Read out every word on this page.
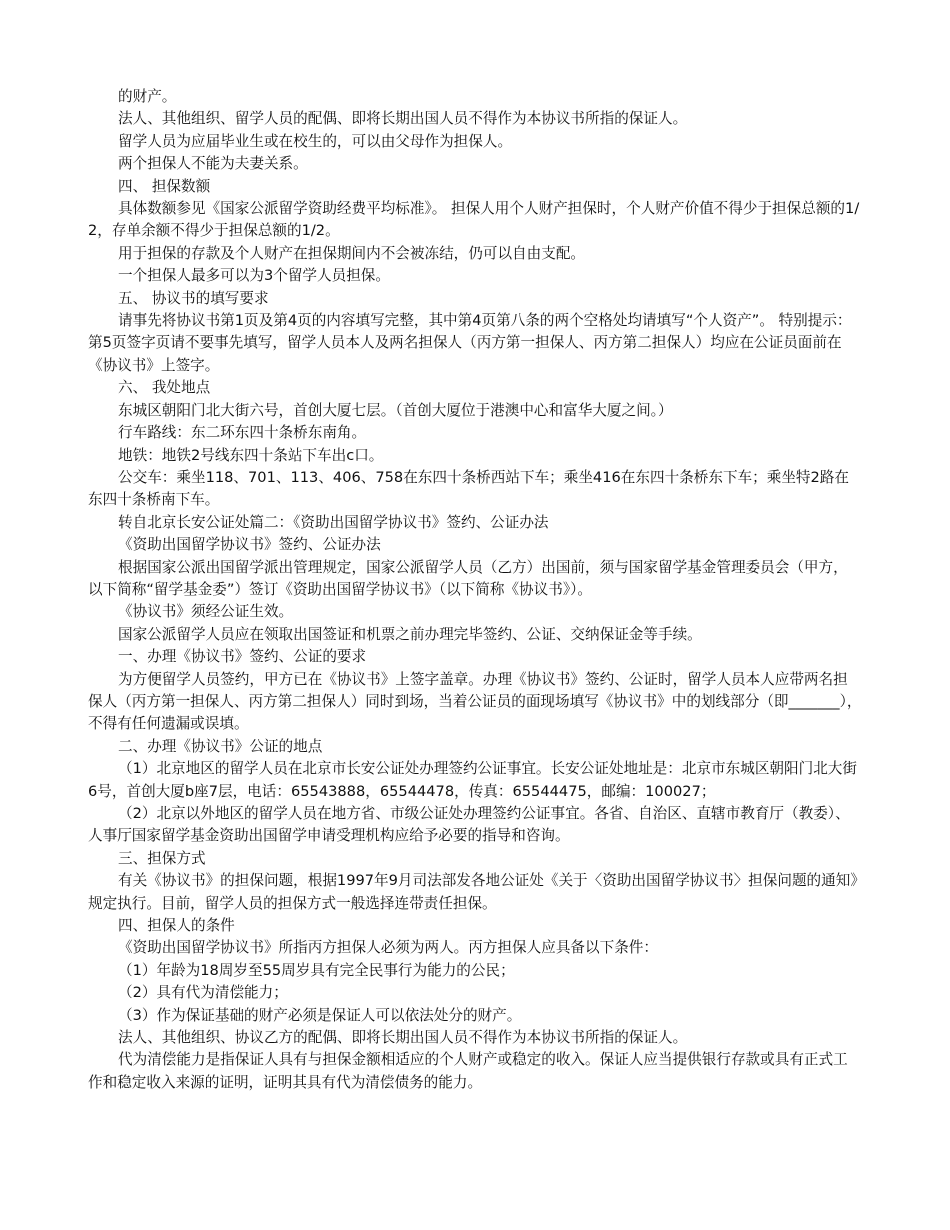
的财产。

法人、其他组织、留学人员的配偶、即将长期出国人员不得作为本协议书所指的保证人。

留学人员为应届毕业生或在校生的，可以由父母作为担保人。

两个担保人不能为夫妻关系。

四、 担保数额

具体数额参见《国家公派留学资助经费平均标准》。 担保人用个人财产担保时，个人财产价值不得少于担保总额的1/2，存单余额不得少于担保总额的1/2。

用于担保的存款及个人财产在担保期间内不会被冻结，仍可以自由支配。

一个担保人最多可以为3个留学人员担保。

五、 协议书的填写要求

请事先将协议书第1页及第4页的内容填写完整，其中第4页第八条的两个空格处均请填写“个人资产”。 特别提示：第5页签字页请不要事先填写，留学人员本人及两名担保人（丙方第一担保人、丙方第二担保人）均应在公证员面前在《协议书》上签字。

六、 我处地点

东城区朝阳门北大街六号，首创大厦七层。（首创大厦位于港澳中心和富华大厦之间。）

行车路线：东二环东四十条桥东南角。

地铁：地铁2号线东四十条站下车出c口。

公交车：乘坐118、701、113、406、758在东四十条桥西站下车；乘坐416在东四十条桥东下车；乘坐特2路在东四十条桥南下车。

转自北京长安公证处篇二：《资助出国留学协议书》签约、公证办法

《资助出国留学协议书》签约、公证办法

根据国家公派出国留学派出管理规定，国家公派留学人员（乙方）出国前，须与国家留学基金管理委员会（甲方，以下简称“留学基金委”）签订《资助出国留学协议书》（以下简称《协议书》）。

《协议书》须经公证生效。

国家公派留学人员应在领取出国签证和机票之前办理完毕签约、公证、交纳保证金等手续。

一、办理《协议书》签约、公证的要求

为方便留学人员签约，甲方已在《协议书》上签字盖章。办理《协议书》签约、公证时，留学人员本人应带两名担保人（丙方第一担保人、丙方第二担保人）同时到场，当着公证员的面现场填写《协议书》中的划线部分（即_______），不得有任何遗漏或误填。

二、办理《协议书》公证的地点

（1）北京地区的留学人员在北京市长安公证处办理签约公证事宜。长安公证处地址是：北京市东城区朝阳门北大街6号，首创大厦b座7层，电话：65543888，65544478，传真：65544475，邮编：100027；

（2）北京以外地区的留学人员在地方省、市级公证处办理签约公证事宜。各省、自治区、直辖市教育厅（教委）、人事厅国家留学基金资助出国留学申请受理机构应给予必要的指导和咨询。

三、担保方式

有关《协议书》的担保问题，根据1997年9月司法部发各地公证处《关于〈资助出国留学协议书〉担保问题的通知》规定执行。目前，留学人员的担保方式一般选择连带责任担保。

四、担保人的条件

《资助出国留学协议书》所指丙方担保人必须为两人。丙方担保人应具备以下条件：

（1）年龄为18周岁至55周岁具有完全民事行为能力的公民；

（2）具有代为清偿能力；

（3）作为保证基础的财产必须是保证人可以依法处分的财产。

法人、其他组织、协议乙方的配偶、即将长期出国人员不得作为本协议书所指的保证人。

代为清偿能力是指保证人具有与担保金额相适应的个人财产或稳定的收入。保证人应当提供银行存款或具有正式工作和稳定收入来源的证明，证明其具有代为清偿债务的能力。
